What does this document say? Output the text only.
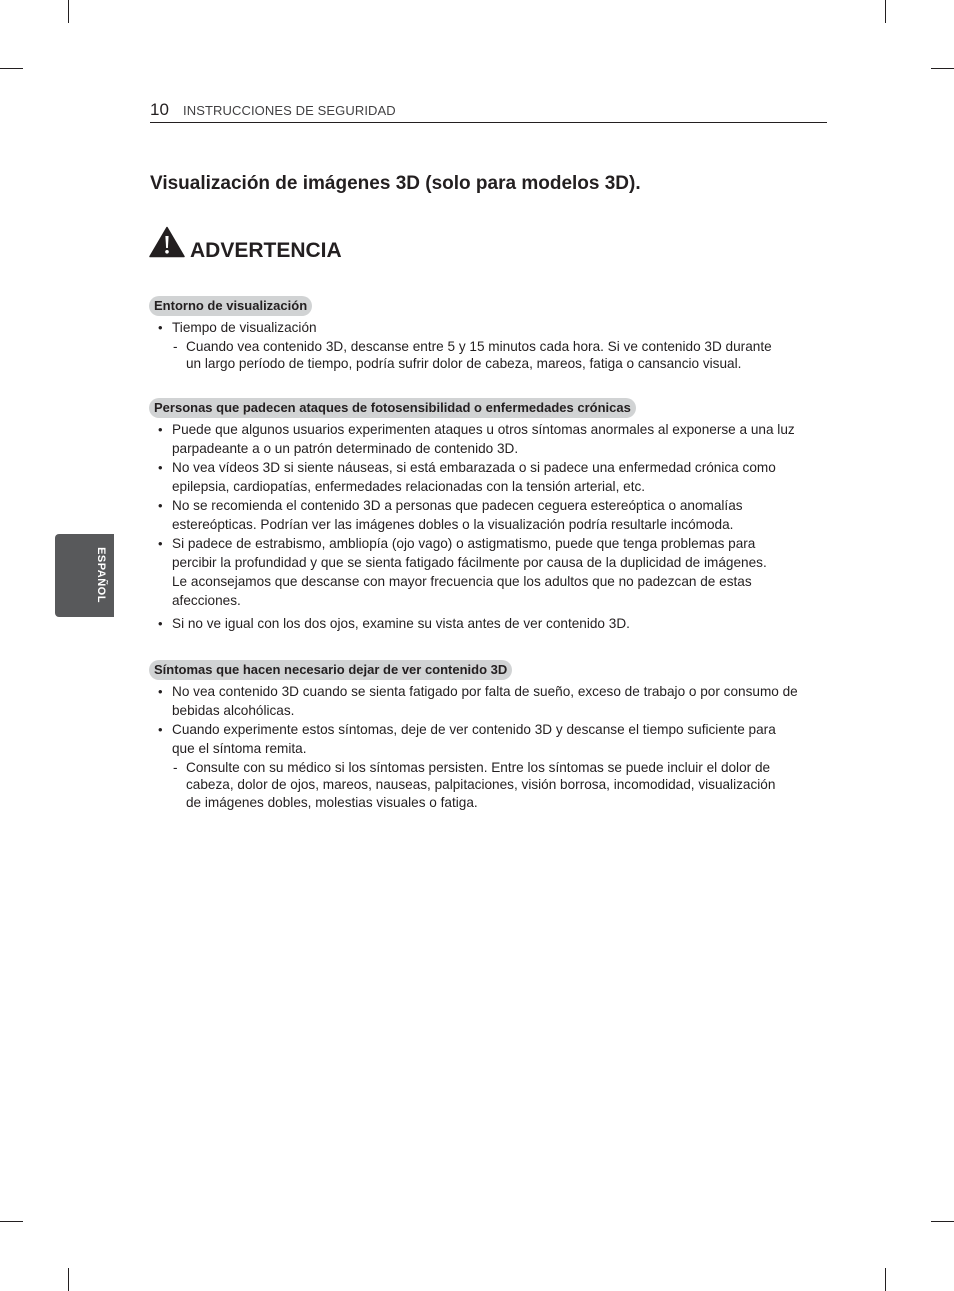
10 INSTRUCCIONES DE SEGURIDAD
Visualización de imágenes 3D (solo para modelos 3D).
ADVERTENCIA
ESPAÑOL
Entorno de visualización
• Tiempo de visualización
- Cuando vea contenido 3D, descanse entre 5 y 15 minutos cada hora. Si ve contenido 3D durante
un largo período de tiempo, podría sufrir dolor de cabeza, mareos, fatiga o cansancio visual.
Personas que padecen ataques de fotosensibilidad o enfermedades crónicas
• Puede que algunos usuarios experimenten ataques u otros síntomas anormales al exponerse a una luz
parpadeante a o un patrón determinado de contenido 3D.
• No vea vídeos 3D si siente náuseas, si está embarazada o si padece una enfermedad crónica como
epilepsia, cardiopatías, enfermedades relacionadas con la tensión arterial, etc.
• No se recomienda el contenido 3D a personas que padecen ceguera estereóptica o anomalías
estereópticas. Podrían ver las imágenes dobles o la visualización podría resultarle incómoda.
• Si padece de estrabismo, ambliopía (ojo vago) o astigmatismo, puede que tenga problemas para
percibir la profundidad y que se sienta fatigado fácilmente por causa de la duplicidad de imágenes.
Le aconsejamos que descanse con mayor frecuencia que los adultos que no padezcan de estas
afecciones.
• Si no ve igual con los dos ojos, examine su vista antes de ver contenido 3D.
Síntomas que hacen necesario dejar de ver contenido 3D
• No vea contenido 3D cuando se sienta fatigado por falta de sueño, exceso de trabajo o por consumo de
bebidas alcohólicas.
• Cuando experimente estos síntomas, deje de ver contenido 3D y descanse el tiempo suficiente para
que el síntoma remita.
- Consulte con su médico si los síntomas persisten. Entre los síntomas se puede incluir el dolor de
cabeza, dolor de ojos, mareos, nauseas, palpitaciones, visión borrosa, incomodidad, visualización
de imágenes dobles, molestias visuales o fatiga.
